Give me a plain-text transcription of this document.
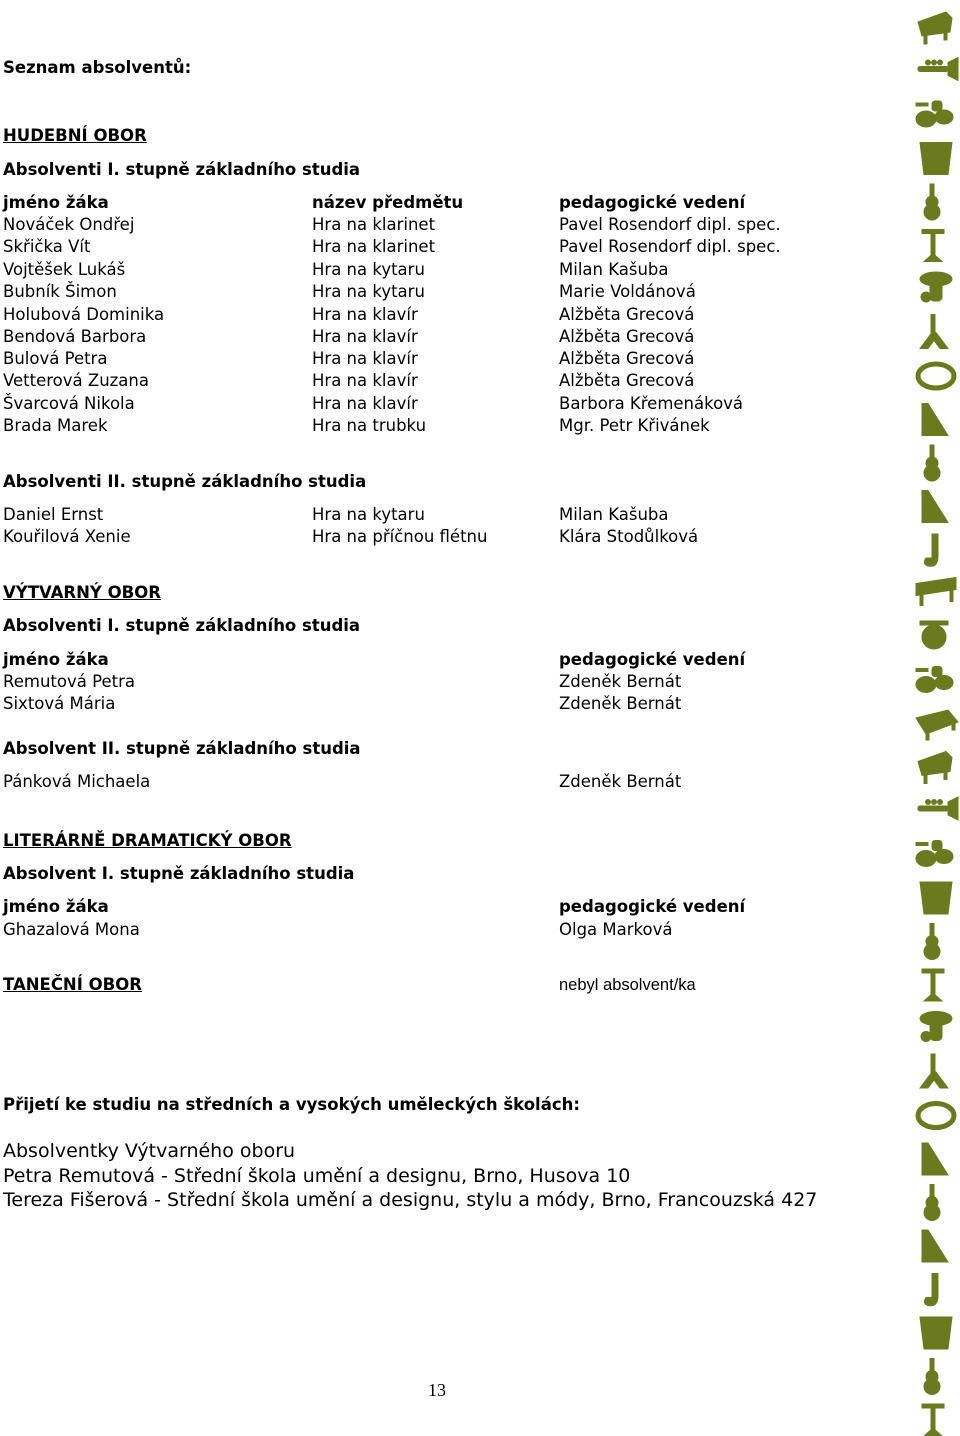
Seznam absolventů:
HUDEBNÍ OBOR
Absolventi I. stupně základního studia
jméno žáka	název předmětu	pedagogické vedení
Nováček Ondřej	Hra na klarinet	Pavel Rosendorf dipl. spec.
Skřička Vít	Hra na klarinet	Pavel Rosendorf dipl. spec.
Vojtěšek Lukáš	Hra na kytaru	Milan Kašuba
Bubník Šimon	Hra na kytaru	Marie Voldánová
Holubová Dominika	Hra na klavír	Alžběta Grecová
Bendová Barbora	Hra na klavír	Alžběta Grecová
Bulová Petra	Hra na klavír	Alžběta Grecová
Vetterová Zuzana	Hra na klavír	Alžběta Grecová
Švarcová Nikola	Hra na klavír	Barbora Křemenáková
Brada Marek	Hra na trubku	Mgr. Petr Křivánek
Absolventi II. stupně základního studia
Daniel Ernst	Hra na kytaru	Milan Kašuba
Kouřilová Xenie	Hra na příčnou flétnu	Klára Stodůlková
VÝTVARNÝ OBOR
Absolventi I. stupně základního studia
jméno žáka	pedagogické vedení
Remutová Petra	Zdeněk Bernát
Sixtová Mária	Zdeněk Bernát
Absolvent II. stupně základního studia
Pánková Michaela	Zdeněk Bernát
LITERÁRNĚ DRAMATICKÝ OBOR
Absolvent I. stupně základního studia
jméno žáka	pedagogické vedení
Ghazalová Mona	Olga Marková
TANEČNÍ OBOR	nebyl absolvent/ka
Přijetí ke studiu na středních a vysokých uměleckých školách:
Absolventky Výtvarného oboru
Petra Remutová - Střední škola umění a designu, Brno, Husova 10
Tereza Fišerová - Střední škola umění a designu, stylu a módy, Brno, Francouzská 427
13
